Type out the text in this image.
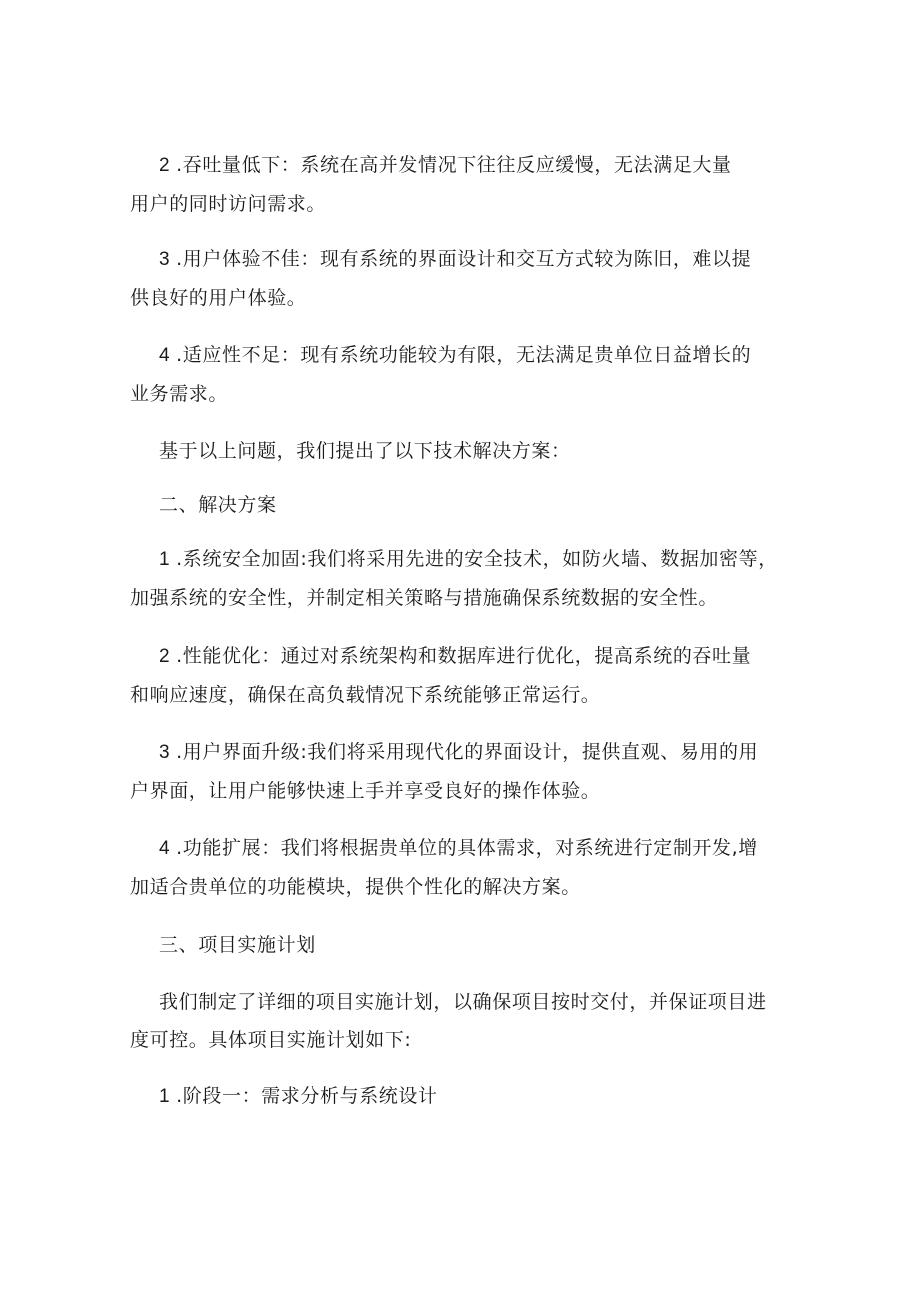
2 .吞吐量低下：系统在高并发情况下往往反应缓慢，无法满足大量
用户的同时访问需求。

3 .用户体验不佳：现有系统的界面设计和交互方式较为陈旧，难以提
供良好的用户体验。

4 .适应性不足：现有系统功能较为有限，无法满足贵单位日益增长的
业务需求。

基于以上问题，我们提出了以下技术解决方案：

二、解决方案

1 .系统安全加固:我们将采用先进的安全技术，如防火墙、数据加密等，
加强系统的安全性，并制定相关策略与措施确保系统数据的安全性。

2 .性能优化：通过对系统架构和数据库进行优化，提高系统的吞吐量
和响应速度，确保在高负载情况下系统能够正常运行。

3 .用户界面升级:我们将采用现代化的界面设计，提供直观、易用的用
户界面，让用户能够快速上手并享受良好的操作体验。

4 .功能扩展：我们将根据贵单位的具体需求，对系统进行定制开发,增
加适合贵单位的功能模块，提供个性化的解决方案。

三、项目实施计划

我们制定了详细的项目实施计划，以确保项目按时交付，并保证项目进
度可控。具体项目实施计划如下:

1 .阶段一：需求分析与系统设计
